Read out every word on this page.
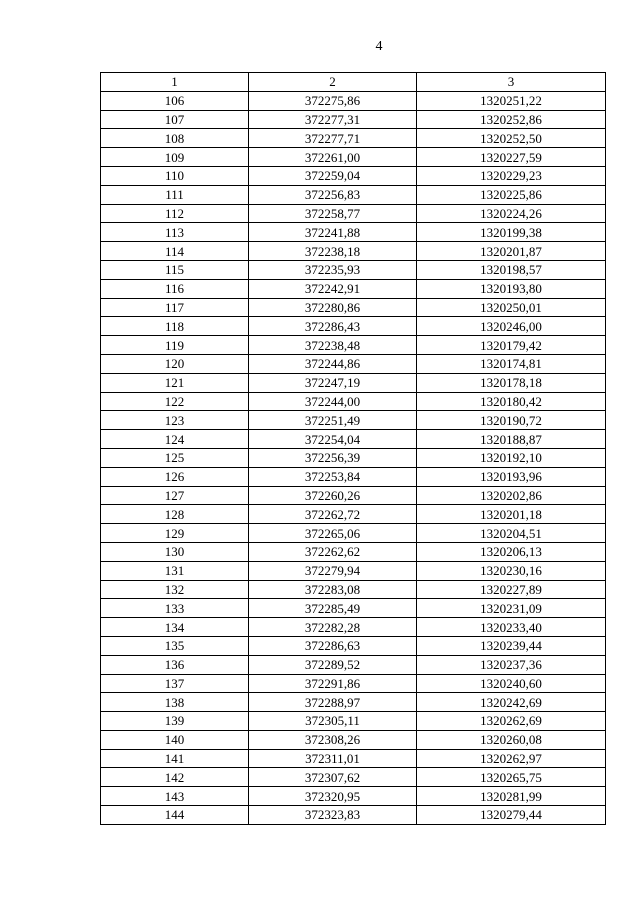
4
1	2	3
106	372275,86	1320251,22
107	372277,31	1320252,86
108	372277,71	1320252,50
109	372261,00	1320227,59
110	372259,04	1320229,23
111	372256,83	1320225,86
112	372258,77	1320224,26
113	372241,88	1320199,38
114	372238,18	1320201,87
115	372235,93	1320198,57
116	372242,91	1320193,80
117	372280,86	1320250,01
118	372286,43	1320246,00
119	372238,48	1320179,42
120	372244,86	1320174,81
121	372247,19	1320178,18
122	372244,00	1320180,42
123	372251,49	1320190,72
124	372254,04	1320188,87
125	372256,39	1320192,10
126	372253,84	1320193,96
127	372260,26	1320202,86
128	372262,72	1320201,18
129	372265,06	1320204,51
130	372262,62	1320206,13
131	372279,94	1320230,16
132	372283,08	1320227,89
133	372285,49	1320231,09
134	372282,28	1320233,40
135	372286,63	1320239,44
136	372289,52	1320237,36
137	372291,86	1320240,60
138	372288,97	1320242,69
139	372305,11	1320262,69
140	372308,26	1320260,08
141	372311,01	1320262,97
142	372307,62	1320265,75
143	372320,95	1320281,99
144	372323,83	1320279,44
